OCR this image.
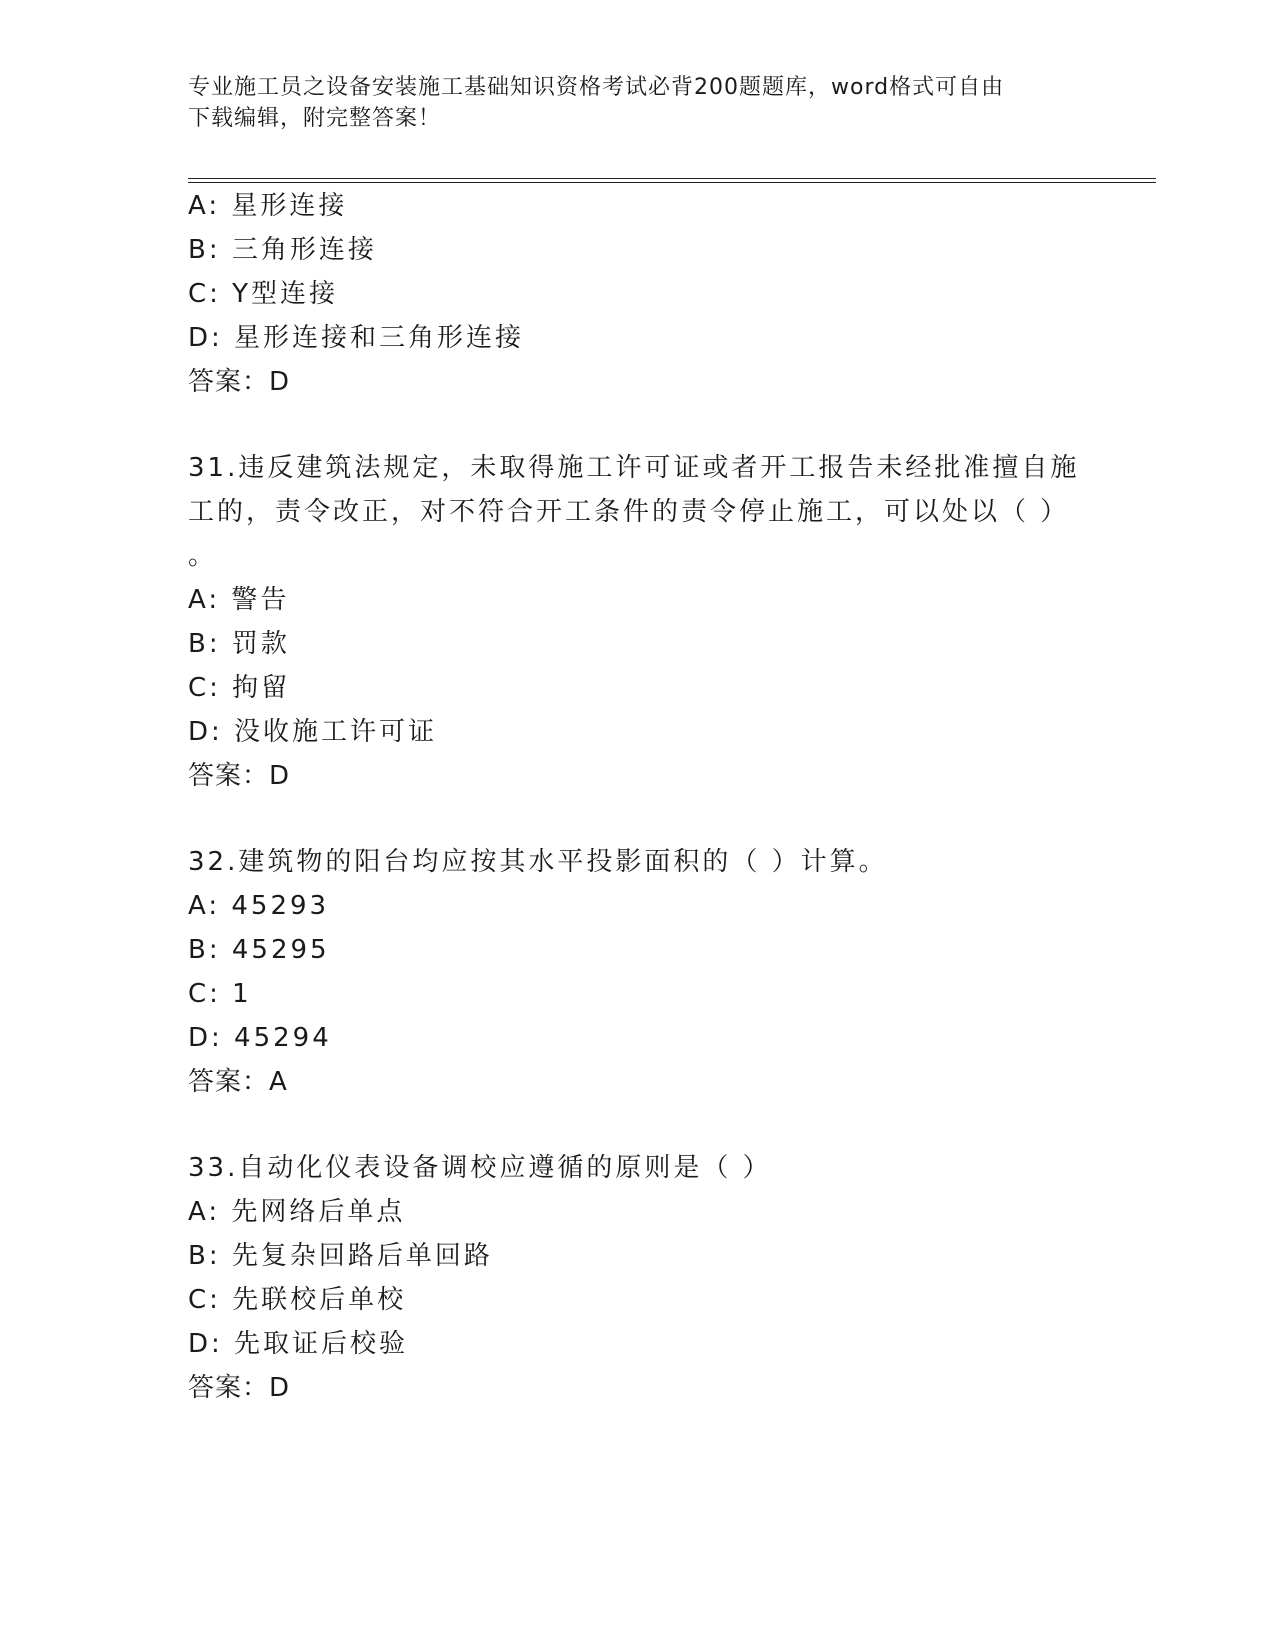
专业施工员之设备安装施工基础知识资格考试必背200题题库，word格式可自由
下载编辑，附完整答案！
A: 星形连接
B: 三角形连接
C: Y型连接
D: 星形连接和三角形连接
答案：D
31.违反建筑法规定，未取得施工许可证或者开工报告未经批准擅自施
工的，责令改正，对不符合开工条件的责令停止施工，可以处以（ ）
。
A: 警告
B: 罚款
C: 拘留
D: 没收施工许可证
答案：D
32.建筑物的阳台均应按其水平投影面积的（ ）计算。
A: 45293
B: 45295
C: 1
D: 45294
答案：A
33.自动化仪表设备调校应遵循的原则是（ ）
A: 先网络后单点
B: 先复杂回路后单回路
C: 先联校后单校
D: 先取证后校验
答案：D
